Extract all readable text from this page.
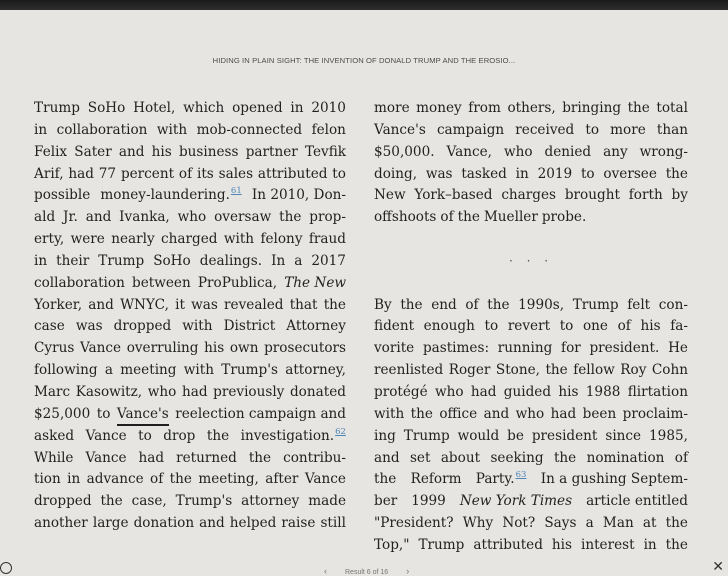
HIDING IN PLAIN SIGHT: THE INVENTION OF DONALD TRUMP AND THE EROSIO...
Trump SoHo Hotel, which opened in 2010
in collaboration with mob-connected felon
Felix Sater and his business partner Tevfik
Arif, had 77 percent of its sales attributed to
possible money-laundering.$^{61}$ In 2010, Don-
ald Jr. and Ivanka, who oversaw the prop-
erty, were nearly charged with felony fraud
in their Trump SoHo dealings. In a 2017
collaboration between ProPublica, The New
Yorker, and WNYC, it was revealed that the
case was dropped with District Attorney
Cyrus Vance overruling his own prosecutors
following a meeting with Trump's attorney,
Marc Kasowitz, who had previously donated
$25,000 to Vance's reelection campaign and
asked Vance to drop the investigation.$^{62}$
While Vance had returned the contribu-
tion in advance of the meeting, after Vance
dropped the case, Trump's attorney made
another large donation and helped raise still
more money from others, bringing the total
Vance's campaign received to more than
$50,000. Vance, who denied any wrong-
doing, was tasked in 2019 to oversee the
New York–based charges brought forth by
offshoots of the Mueller probe.
· · ·
By the end of the 1990s, Trump felt con-
fident enough to revert to one of his fa-
vorite pastimes: running for president. He
reenlisted Roger Stone, the fellow Roy Cohn
protégé who had guided his 1988 flirtation
with the office and who had been proclaim-
ing Trump would be president since 1985,
and set about seeking the nomination of
the Reform Party.$^{63}$ In a gushing Septem-
ber 1999 New York Times article entitled
"President? Why Not? Says a Man at the
Top," Trump attributed his interest in the
‹	Result 6 of 16 ›	✕
